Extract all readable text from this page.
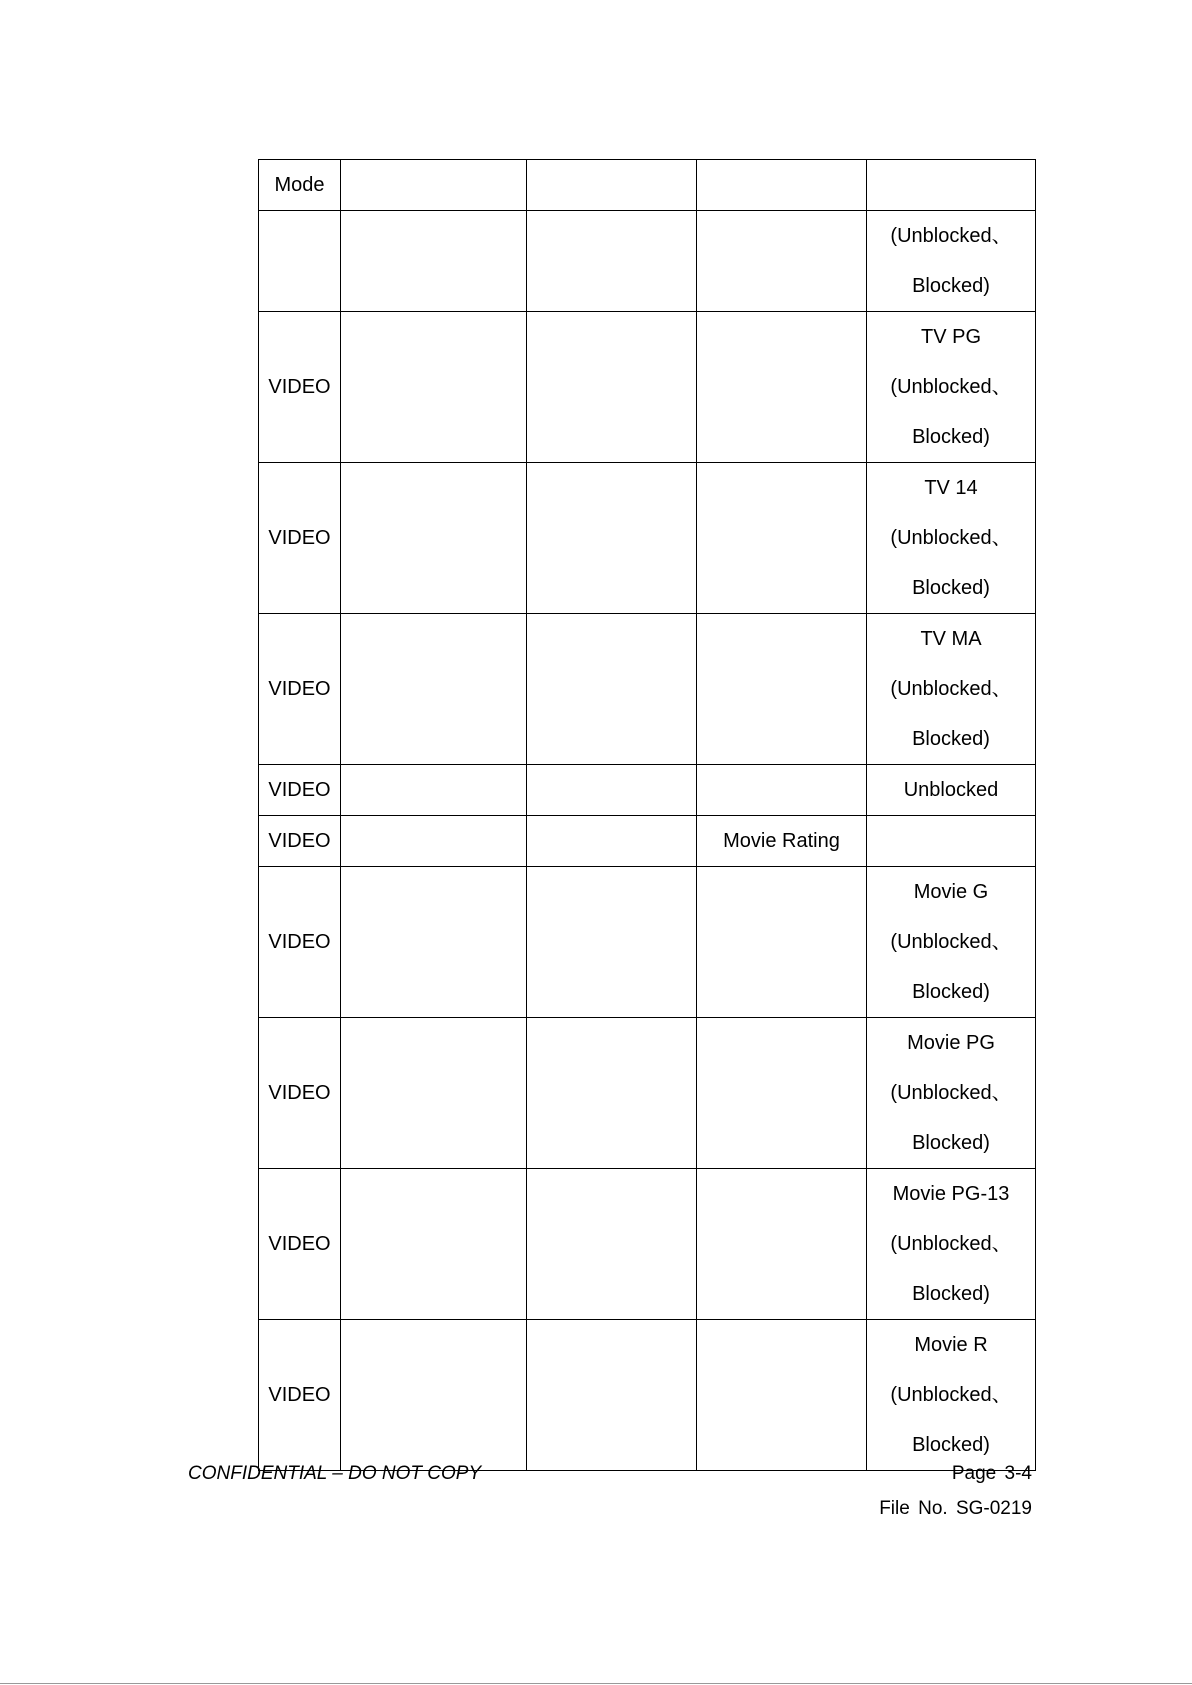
Mode				
				(Unblocked、
Blocked)
VIDEO				TV PG
(Unblocked、
Blocked)
VIDEO				TV 14
(Unblocked、
Blocked)
VIDEO				TV MA
(Unblocked、
Blocked)
VIDEO				Unblocked
VIDEO			Movie Rating	
VIDEO				Movie G
(Unblocked、
Blocked)
VIDEO				Movie PG
(Unblocked、
Blocked)
VIDEO				Movie PG-13
(Unblocked、
Blocked)
VIDEO				Movie R
(Unblocked、
Blocked)
CONFIDENTIAL – DO NOT COPY	Page 3-4
File No. SG-0219
